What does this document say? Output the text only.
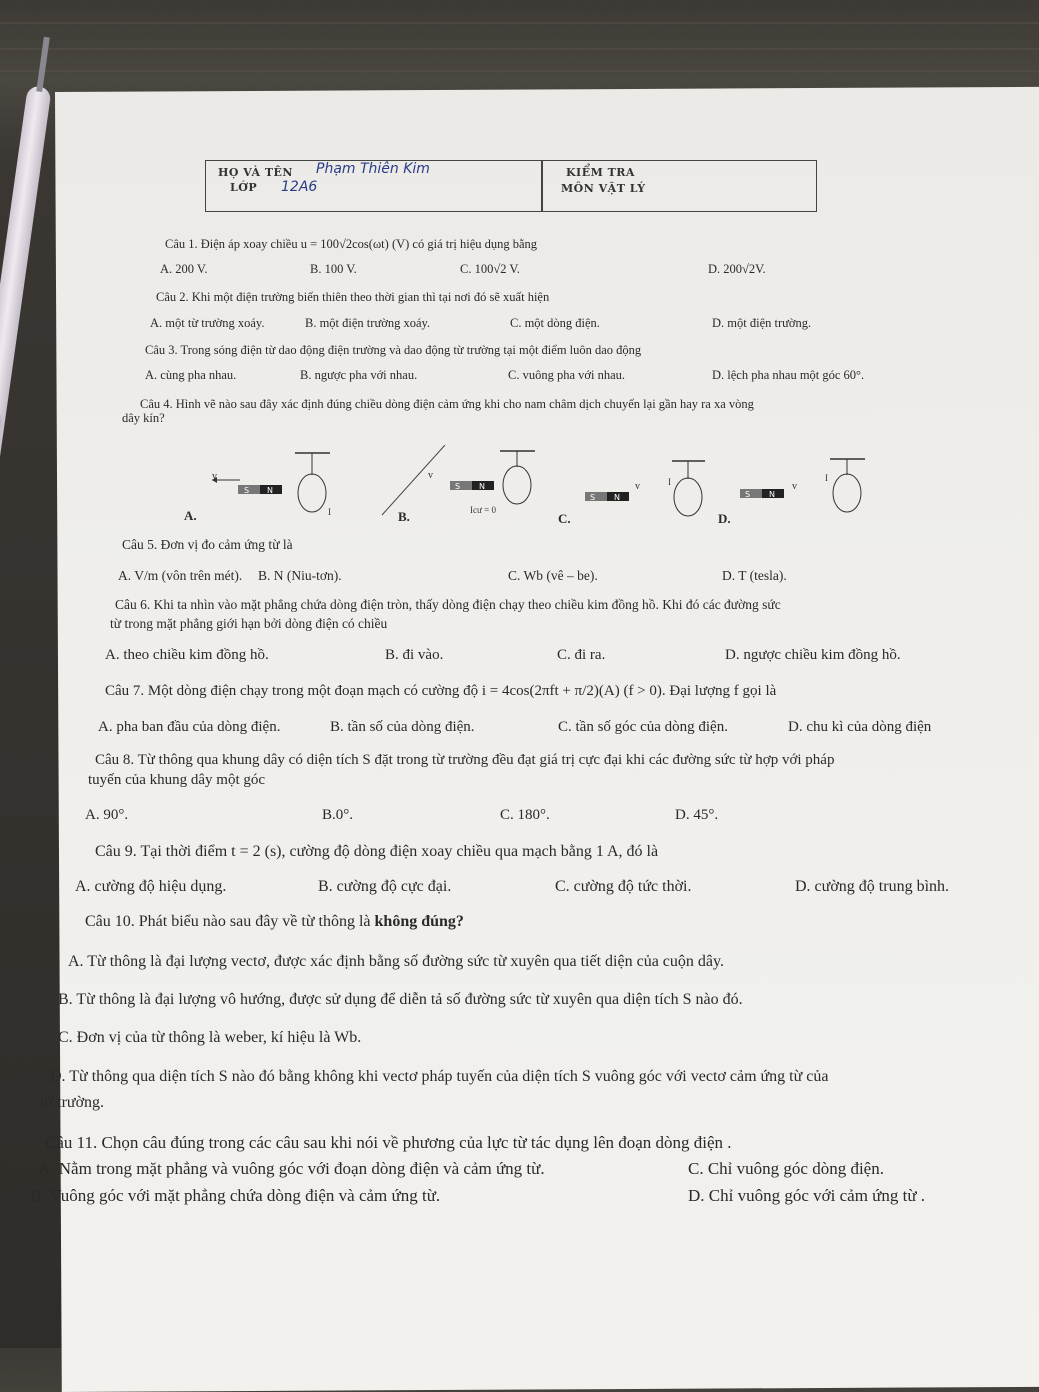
HỌ VÀ TÊN Phạm Thiên Kim
LỚP 12A6
KIỂM TRA
MÔN VẬT LÝ
Câu 1. Điện áp xoay chiều u = 100√2cos(ωt) (V) có giá trị hiệu dụng bằng
A. 200 V.	B. 100 V.	C. 100√2 V.	D. 200√2V.
Câu 2. Khi một điện trường biến thiên theo thời gian thì tại nơi đó sẽ xuất hiện
A. một từ trường xoáy.	B. một điện trường xoáy.	C. một dòng điện.	D. một điện trường.
Câu 3. Trong sóng điện từ dao động điện trường và dao động từ trường tại một điểm luôn dao động
A. cùng pha nhau.	B. ngược pha với nhau.	C. vuông pha với nhau.	D. lệch pha nhau một góc 60°.
Câu 4. Hình vẽ nào sau đây xác định đúng chiều dòng điện cảm ứng khi cho nam châm dịch chuyển lại gần hay ra xa vòng
dây kín?
A.
v
S N
I	B.
S N
v
Icư = 0
C.
S N
v	I
D.
S N
v
I
Câu 5. Đơn vị đo cảm ứng từ là
A. V/m (vôn trên mét). B. N (Niu-tơn).	C. Wb (vê – be).	D. T (tesla).
Câu 6. Khi ta nhìn vào mặt phẳng chứa dòng điện tròn, thấy dòng điện chạy theo chiều kim đồng hồ. Khi đó các đường sức
từ trong mặt phẳng giới hạn bởi dòng điện có chiều
A. theo chiều kim đồng hồ.	B. đi vào.	C. đi ra.	D. ngược chiều kim đồng hồ.
Câu 7. Một dòng điện chạy trong một đoạn mạch có cường độ i = 4cos(2πft + π/2)(A) (f > 0). Đại lượng f gọi là
A. pha ban đầu của dòng điện.	B. tần số của dòng điện.	C. tần số góc của dòng điện.	D. chu kì của dòng điện
Câu 8. Từ thông qua khung dây có diện tích S đặt trong từ trường đều đạt giá trị cực đại khi các đường sức từ hợp với pháp
tuyến của khung dây một góc
A. 90°.	B.0°.	C. 180°.	D. 45°.
Câu 9. Tại thời điểm t = 2 (s), cường độ dòng điện xoay chiều qua mạch bằng 1 A, đó là
A. cường độ hiệu dụng.	B. cường độ cực đại.	C. cường độ tức thời.	D. cường độ trung bình.
Câu 10. Phát biểu nào sau đây về từ thông là không đúng?
A. Từ thông là đại lượng vectơ, được xác định bằng số đường sức từ xuyên qua tiết diện của cuộn dây.
B. Từ thông là đại lượng vô hướng, được sử dụng để diễn tả số đường sức từ xuyên qua diện tích S nào đó.
C. Đơn vị của từ thông là weber, kí hiệu là Wb.
D. Từ thông qua diện tích S nào đó bằng không khi vectơ pháp tuyến của diện tích S vuông góc với vectơ cảm ứng từ của
từ trường.
Câu 11. Chọn câu đúng trong các câu sau khi nói về phương của lực từ tác dụng lên đoạn dòng điện .
A. Nằm trong mặt phẳng và vuông góc với đoạn dòng điện và cảm ứng từ.	C. Chỉ vuông góc dòng điện.
B. Vuông góc với mặt phẳng chứa dòng điện và cảm ứng từ.	D. Chỉ vuông góc với cảm ứng từ .
